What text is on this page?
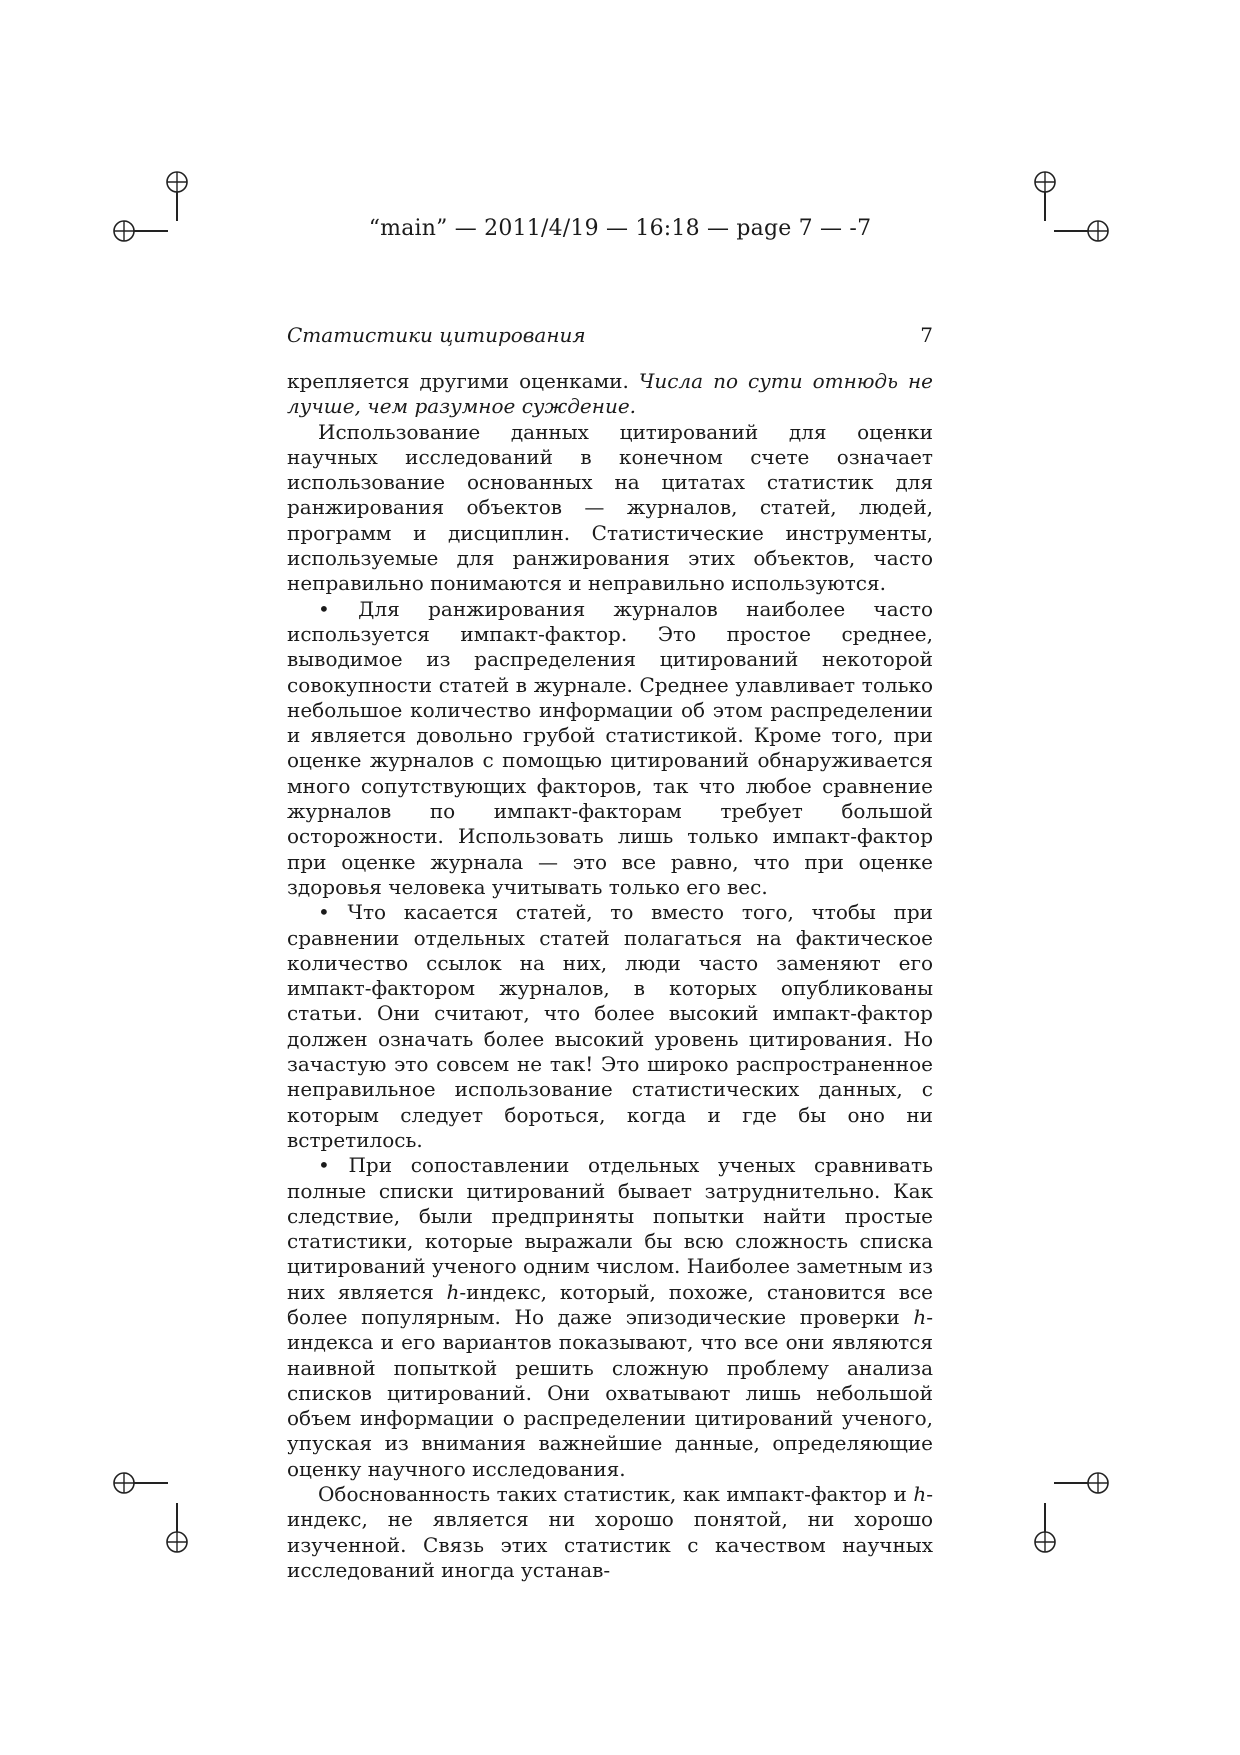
“main” — 2011/4/19 — 16:18 — page 7 — -7
Статистики цитирования	7

крепляется другими оценками. Числа по сути отнюдь не лучше, чем разумное суждение.

Использование данных цитирований для оценки научных исследований в конечном счете означает использование основанных на цитатах статистик для ранжирования объектов — журналов, статей, людей, программ и дисциплин. Статистические инструменты, используемые для ранжирования этих объектов, часто неправильно понимаются и неправильно используются.

• Для ранжирования журналов наиболее часто используется импакт-фактор. Это простое среднее, выводимое из распределения цитирований некоторой совокупности статей в журнале. Среднее улавливает только небольшое количество информации об этом распределении и является довольно грубой статистикой. Кроме того, при оценке журналов с помощью цитирований обнаруживается много сопутствующих факторов, так что любое сравнение журналов по импакт-факторам требует большой осторожности. Использовать лишь только импакт-фактор при оценке журнала — это все равно, что при оценке здоровья человека учитывать только его вес.

• Что касается статей, то вместо того, чтобы при сравнении отдельных статей полагаться на фактическое количество ссылок на них, люди часто заменяют его импакт-фактором журналов, в которых опубликованы статьи. Они считают, что более высокий импакт-фактор должен означать более высокий уровень цитирования. Но зачастую это совсем не так! Это широко распространенное неправильное использование статистических данных, с которым следует бороться, когда и где бы оно ни встретилось.

• При сопоставлении отдельных ученых сравнивать полные списки цитирований бывает затруднительно. Как следствие, были предприняты попытки найти простые статистики, которые выражали бы всю сложность списка цитирований ученого одним числом. Наиболее заметным из них является h-индекс, который, похоже, становится все более популярным. Но даже эпизодические проверки h-индекса и его вариантов показывают, что все они являются наивной попыткой решить сложную проблему анализа списков цитирований. Они охватывают лишь небольшой объем информации о распределении цитирований ученого, упуская из внимания важнейшие данные, определяющие оценку научного исследования.

Обоснованность таких статистик, как импакт-фактор и h-индекс, не является ни хорошо понятой, ни хорошо изученной. Связь этих статистик с качеством научных исследований иногда устанав-
